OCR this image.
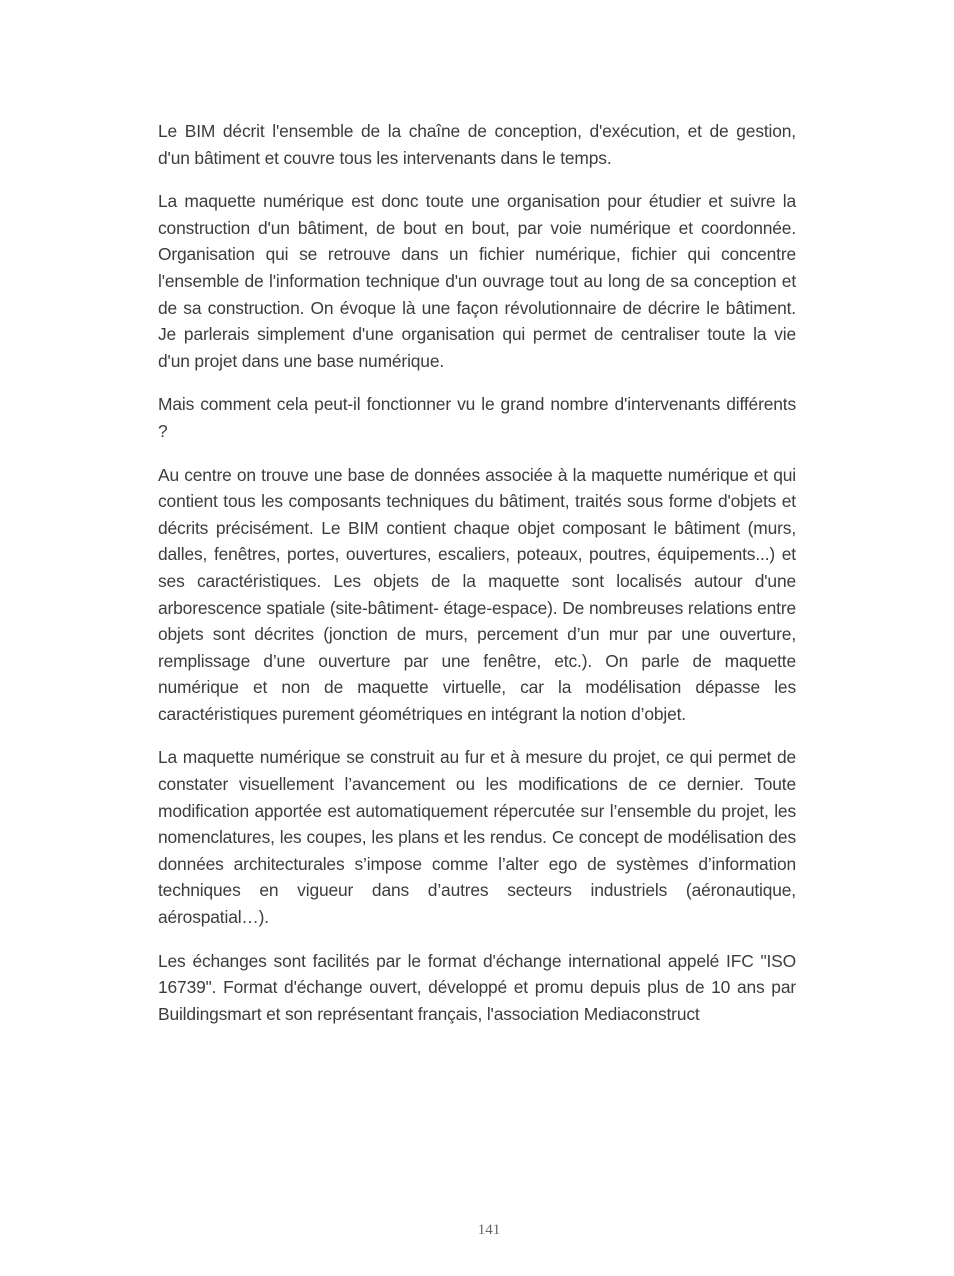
Le BIM décrit l'ensemble de la chaîne de conception, d'exécution, et de gestion, d'un bâtiment et couvre tous les intervenants dans le temps.

La maquette numérique est donc toute une organisation pour étudier et suivre la construction d'un bâtiment, de bout en bout, par voie numérique et coordonnée. Organisation qui se retrouve dans un fichier numérique, fichier qui concentre l'ensemble de l'information technique d'un ouvrage tout au long de sa conception et de sa construction. On évoque là une façon révolutionnaire de décrire le bâtiment. Je parlerais simplement d'une organisation qui permet de centraliser toute la vie d'un projet dans une base numérique.

Mais comment cela peut-il fonctionner vu le grand nombre d'intervenants différents ?

Au centre on trouve une base de données associée à la maquette numérique et qui contient tous les composants techniques du bâtiment, traités sous forme d'objets et décrits précisément. Le BIM contient chaque objet composant le bâtiment (murs, dalles, fenêtres, portes, ouvertures, escaliers, poteaux, poutres, équipements...) et ses caractéristiques. Les objets de la maquette sont localisés autour d'une arborescence spatiale (site-bâtiment- étage-espace). De nombreuses relations entre objets sont décrites (jonction de murs, percement d’un mur par une ouverture, remplissage d’une ouverture par une fenêtre, etc.). On parle de maquette numérique et non de maquette virtuelle, car la modélisation dépasse les caractéristiques purement géométriques en intégrant la notion d’objet.

La maquette numérique se construit au fur et à mesure du projet, ce qui permet de constater visuellement l’avancement ou les modifications de ce dernier. Toute modification apportée est automatiquement répercutée sur l’ensemble du projet, les nomenclatures, les coupes, les plans et les rendus. Ce concept de modélisation des données architecturales s’impose comme l’alter ego de systèmes d’information techniques en vigueur dans d’autres secteurs industriels (aéronautique, aérospatial…).

Les échanges sont facilités par le format d'échange international appelé IFC "ISO 16739". Format d'échange ouvert, développé et promu depuis plus de 10 ans par Buildingsmart et son représentant français, l'association Mediaconstruct

141
